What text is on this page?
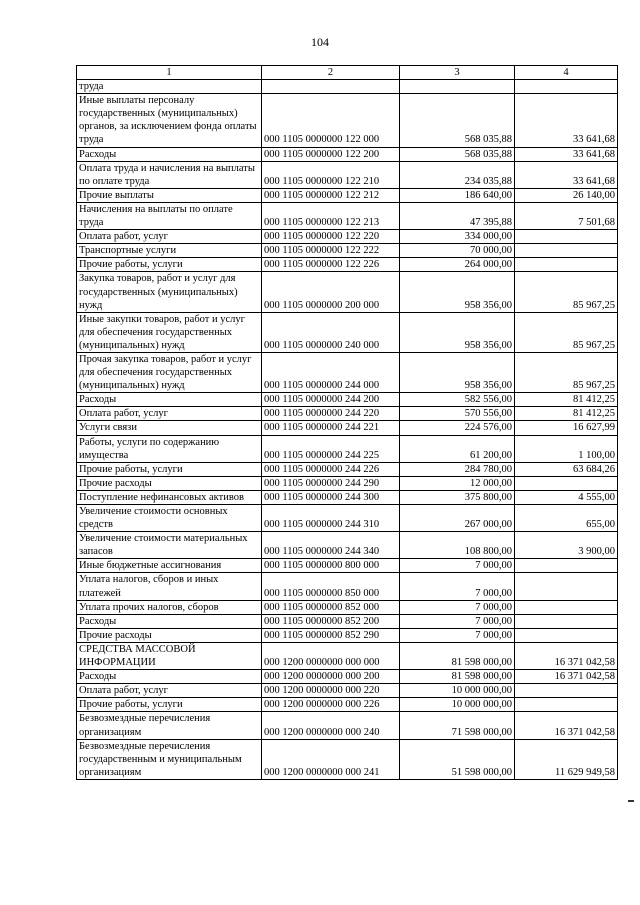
104
1	2	3	4
труда			
Иные выплаты персоналу государственных (муниципальных) органов, за исключением фонда оплаты труда	000 1105 0000000 122 000	568 035,88	33 641,68
Расходы	000 1105 0000000 122 200	568 035,88	33 641,68
Оплата труда и начисления на выплаты по оплате труда	000 1105 0000000 122 210	234 035,88	33 641,68
Прочие выплаты	000 1105 0000000 122 212	186 640,00	26 140,00
Начисления на выплаты по оплате труда	000 1105 0000000 122 213	47 395,88	7 501,68
Оплата работ, услуг	000 1105 0000000 122 220	334 000,00	
Транспортные услуги	000 1105 0000000 122 222	70 000,00	
Прочие работы, услуги	000 1105 0000000 122 226	264 000,00	
Закупка товаров, работ и услуг для государственных (муниципальных) нужд	000 1105 0000000 200 000	958 356,00	85 967,25
Иные закупки товаров, работ и услуг для обеспечения государственных (муниципальных) нужд	000 1105 0000000 240 000	958 356,00	85 967,25
Прочая закупка товаров, работ и услуг для обеспечения государственных (муниципальных) нужд	000 1105 0000000 244 000	958 356,00	85 967,25
Расходы	000 1105 0000000 244 200	582 556,00	81 412,25
Оплата работ, услуг	000 1105 0000000 244 220	570 556,00	81 412,25
Услуги связи	000 1105 0000000 244 221	224 576,00	16 627,99
Работы, услуги по содержанию имущества	000 1105 0000000 244 225	61 200,00	1 100,00
Прочие работы, услуги	000 1105 0000000 244 226	284 780,00	63 684,26
Прочие расходы	000 1105 0000000 244 290	12 000,00	
Поступление нефинансовых активов	000 1105 0000000 244 300	375 800,00	4 555,00
Увеличение стоимости основных средств	000 1105 0000000 244 310	267 000,00	655,00
Увеличение стоимости материальных запасов	000 1105 0000000 244 340	108 800,00	3 900,00
Иные бюджетные ассигнования	000 1105 0000000 800 000	7 000,00	
Уплата налогов, сборов и иных платежей	000 1105 0000000 850 000	7 000,00	
Уплата прочих налогов, сборов	000 1105 0000000 852 000	7 000,00	
Расходы	000 1105 0000000 852 200	7 000,00	
Прочие расходы	000 1105 0000000 852 290	7 000,00	
СРЕДСТВА МАССОВОЙ ИНФОРМАЦИИ	000 1200 0000000 000 000	81 598 000,00	16 371 042,58
Расходы	000 1200 0000000 000 200	81 598 000,00	16 371 042,58
Оплата работ, услуг	000 1200 0000000 000 220	10 000 000,00	
Прочие работы, услуги	000 1200 0000000 000 226	10 000 000,00	
Безвозмездные перечисления организациям	000 1200 0000000 000 240	71 598 000,00	16 371 042,58
Безвозмездные перечисления государственным и муниципальным организациям	000 1200 0000000 000 241	51 598 000,00	11 629 949,58
